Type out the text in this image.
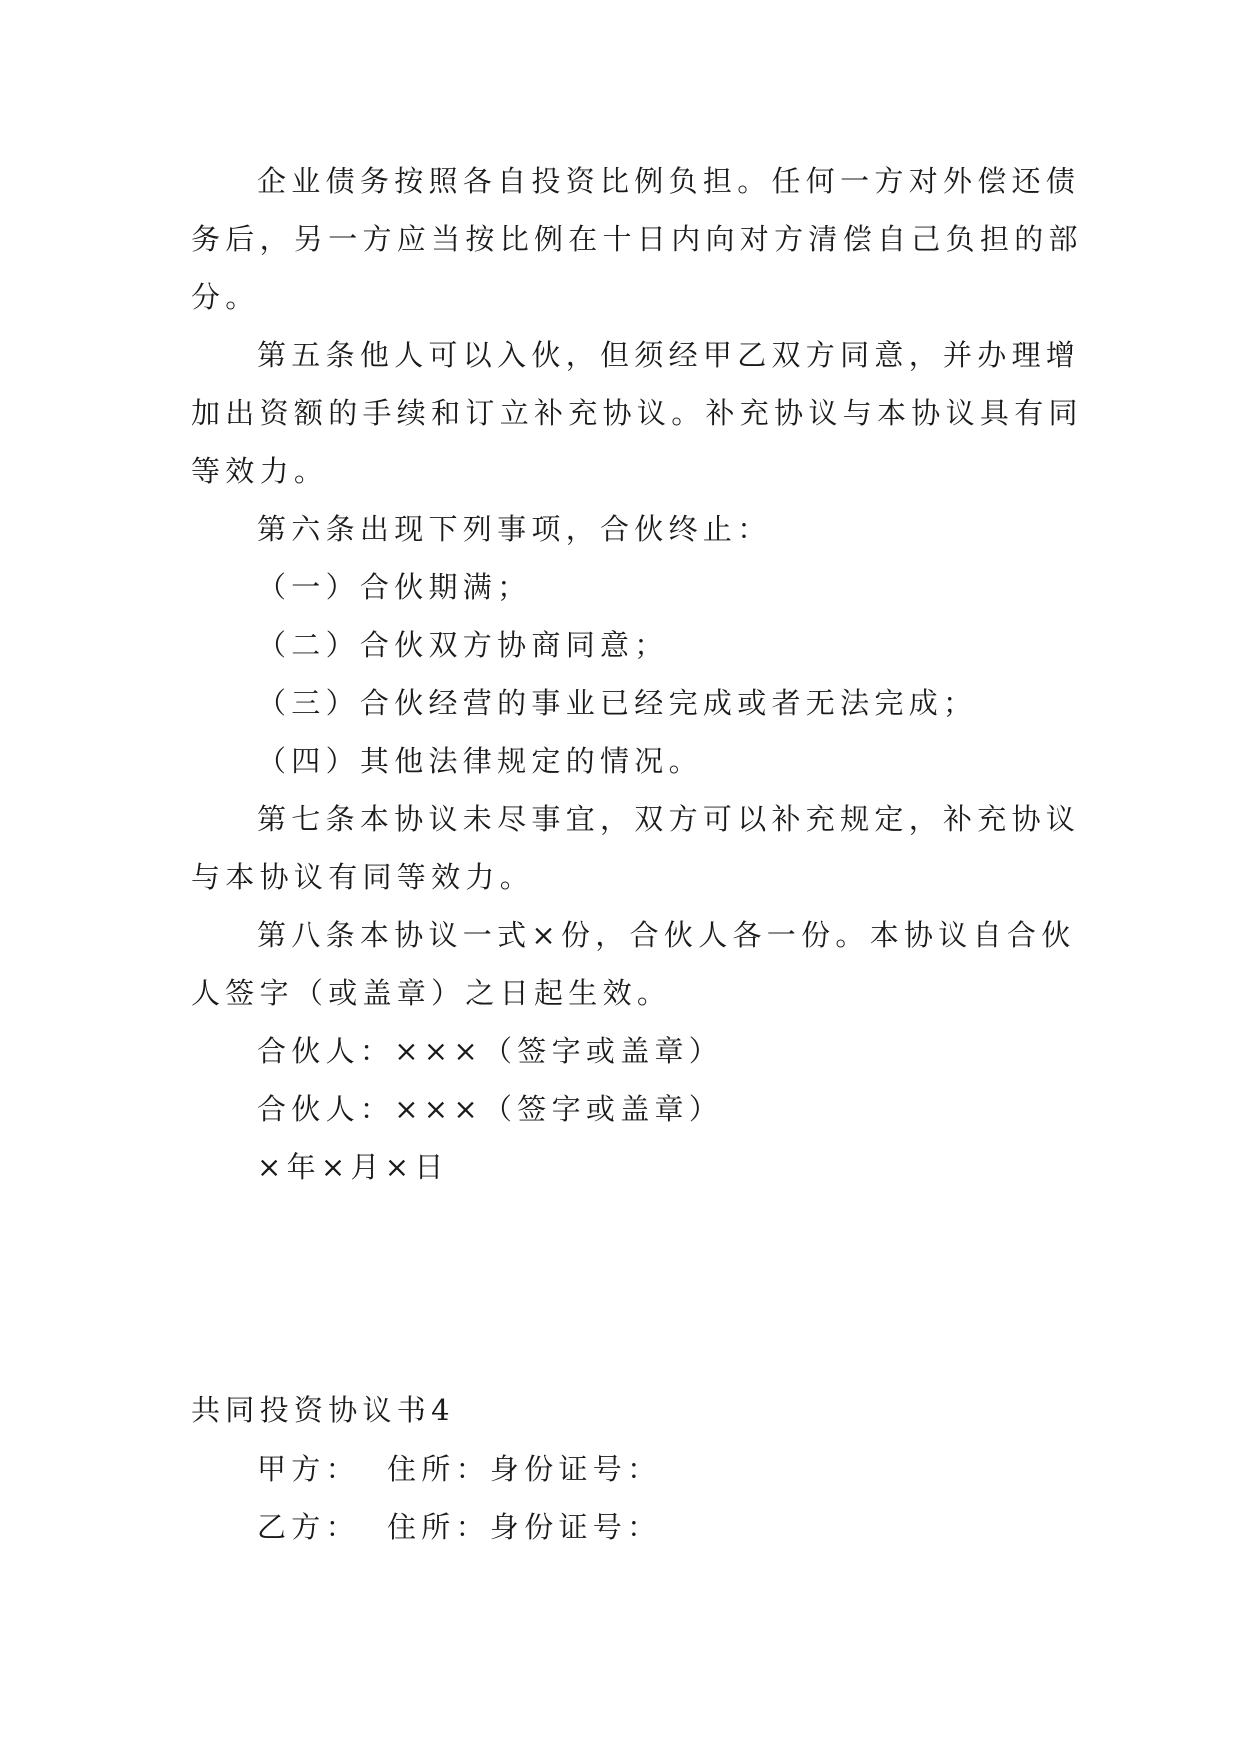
企业债务按照各自投资比例负担。任何一方对外偿还债
务后，另一方应当按比例在十日内向对方清偿自己负担的部
分。
第五条他人可以入伙，但须经甲乙双方同意，并办理增
加出资额的手续和订立补充协议。补充协议与本协议具有同
等效力。
第六条出现下列事项，合伙终止：
（一）合伙期满；
（二）合伙双方协商同意；
（三）合伙经营的事业已经完成或者无法完成；
（四）其他法律规定的情况。
第七条本协议未尽事宜，双方可以补充规定，补充协议
与本协议有同等效力。
第八条本协议一式×份，合伙人各一份。本协议自合伙
人签字（或盖章）之日起生效。
合伙人：×××（签字或盖章）
合伙人：×××（签字或盖章）
×年×月×日
共同投资协议书4
甲方： 住所：身份证号：
乙方： 住所：身份证号：
